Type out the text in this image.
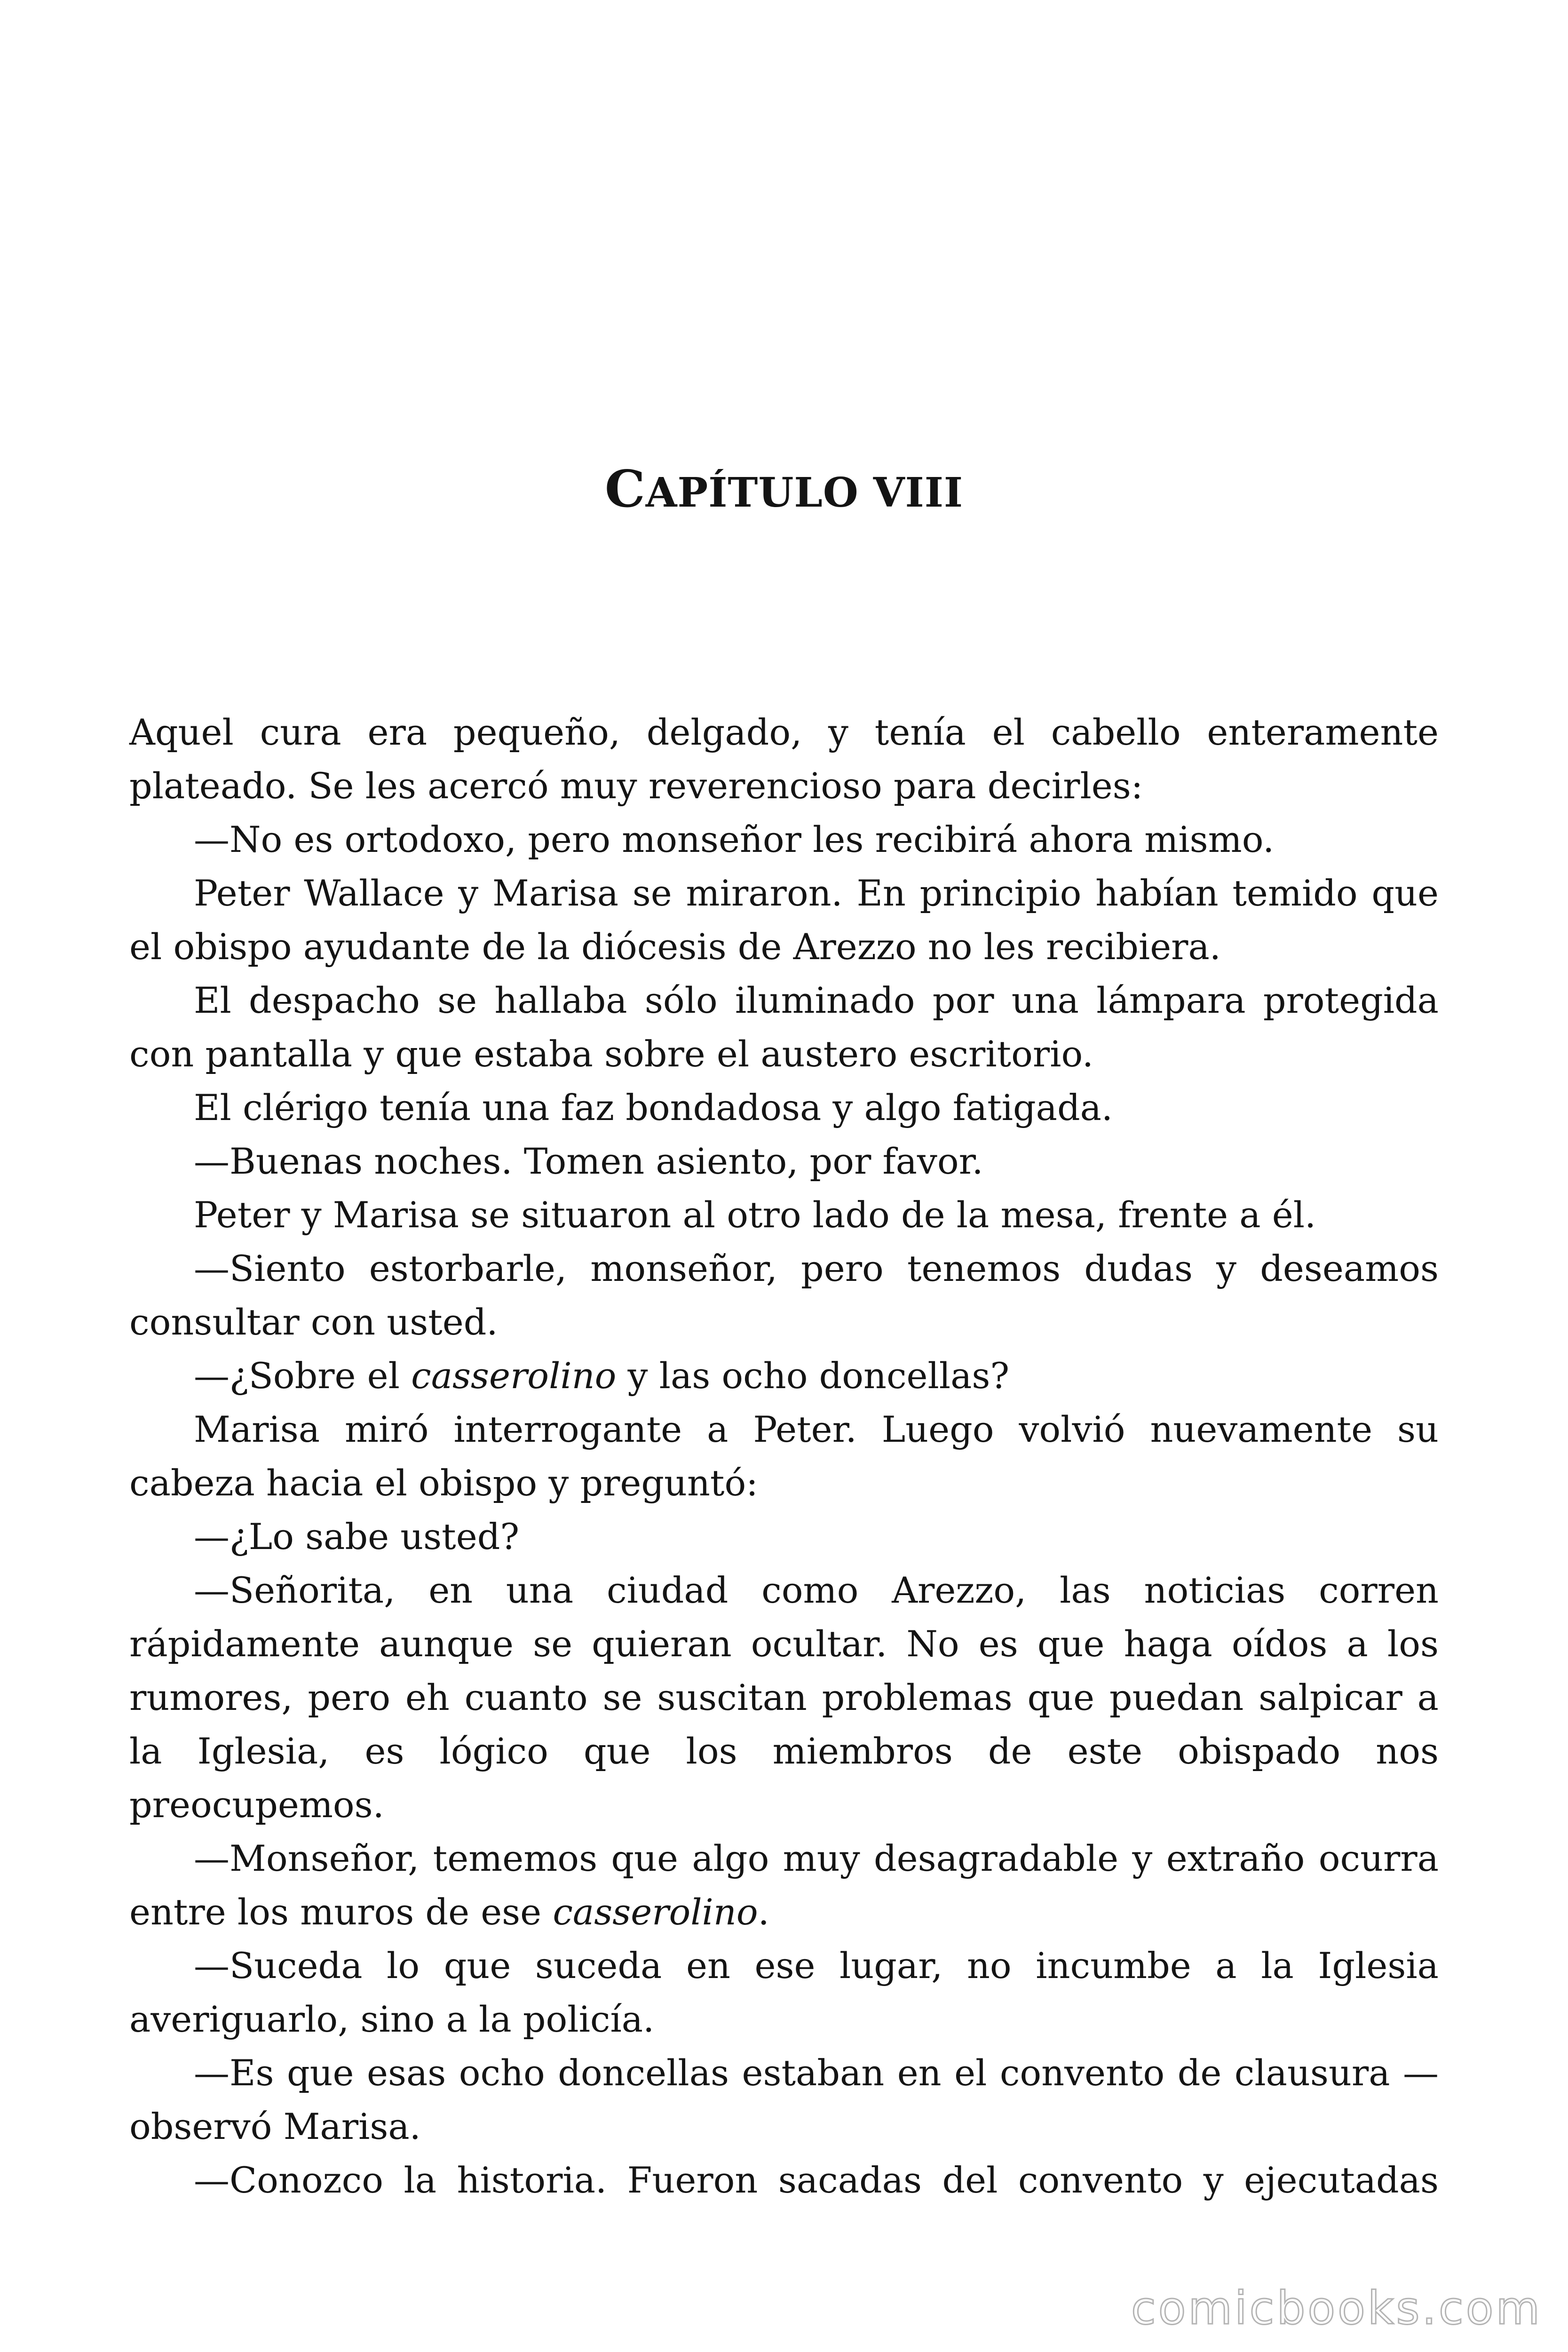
CAPÍTULO VIII

Aquel cura era pequeño, delgado, y tenía el cabello enteramente plateado. Se les acercó muy reverencioso para decirles:

—No es ortodoxo, pero monseñor les recibirá ahora mismo.

Peter Wallace y Marisa se miraron. En principio habían temido que el obispo ayudante de la diócesis de Arezzo no les recibiera.

El despacho se hallaba sólo iluminado por una lámpara protegida con pantalla y que estaba sobre el austero escritorio.

El clérigo tenía una faz bondadosa y algo fatigada.

—Buenas noches. Tomen asiento, por favor.

Peter y Marisa se situaron al otro lado de la mesa, frente a él.

—Siento estorbarle, monseñor, pero tenemos dudas y deseamos consultar con usted.

—¿Sobre el casserolino y las ocho doncellas?

Marisa miró interrogante a Peter. Luego volvió nuevamente su cabeza hacia el obispo y preguntó:

—¿Lo sabe usted?

—Señorita, en una ciudad como Arezzo, las noticias corren rápidamente aunque se quieran ocultar. No es que haga oídos a los rumores, pero eh cuanto se suscitan problemas que puedan salpicar a la Iglesia, es lógico que los miembros de este obispado nos preocupemos.

—Monseñor, tememos que algo muy desagradable y extraño ocurra entre los muros de ese casserolino.

—Suceda lo que suceda en ese lugar, no incumbe a la Iglesia averiguarlo, sino a la policía.

—Es que esas ocho doncellas estaban en el convento de clausura —observó Marisa.

—Conozco la historia. Fueron sacadas del convento y ejecutadas

comicbooks.com
